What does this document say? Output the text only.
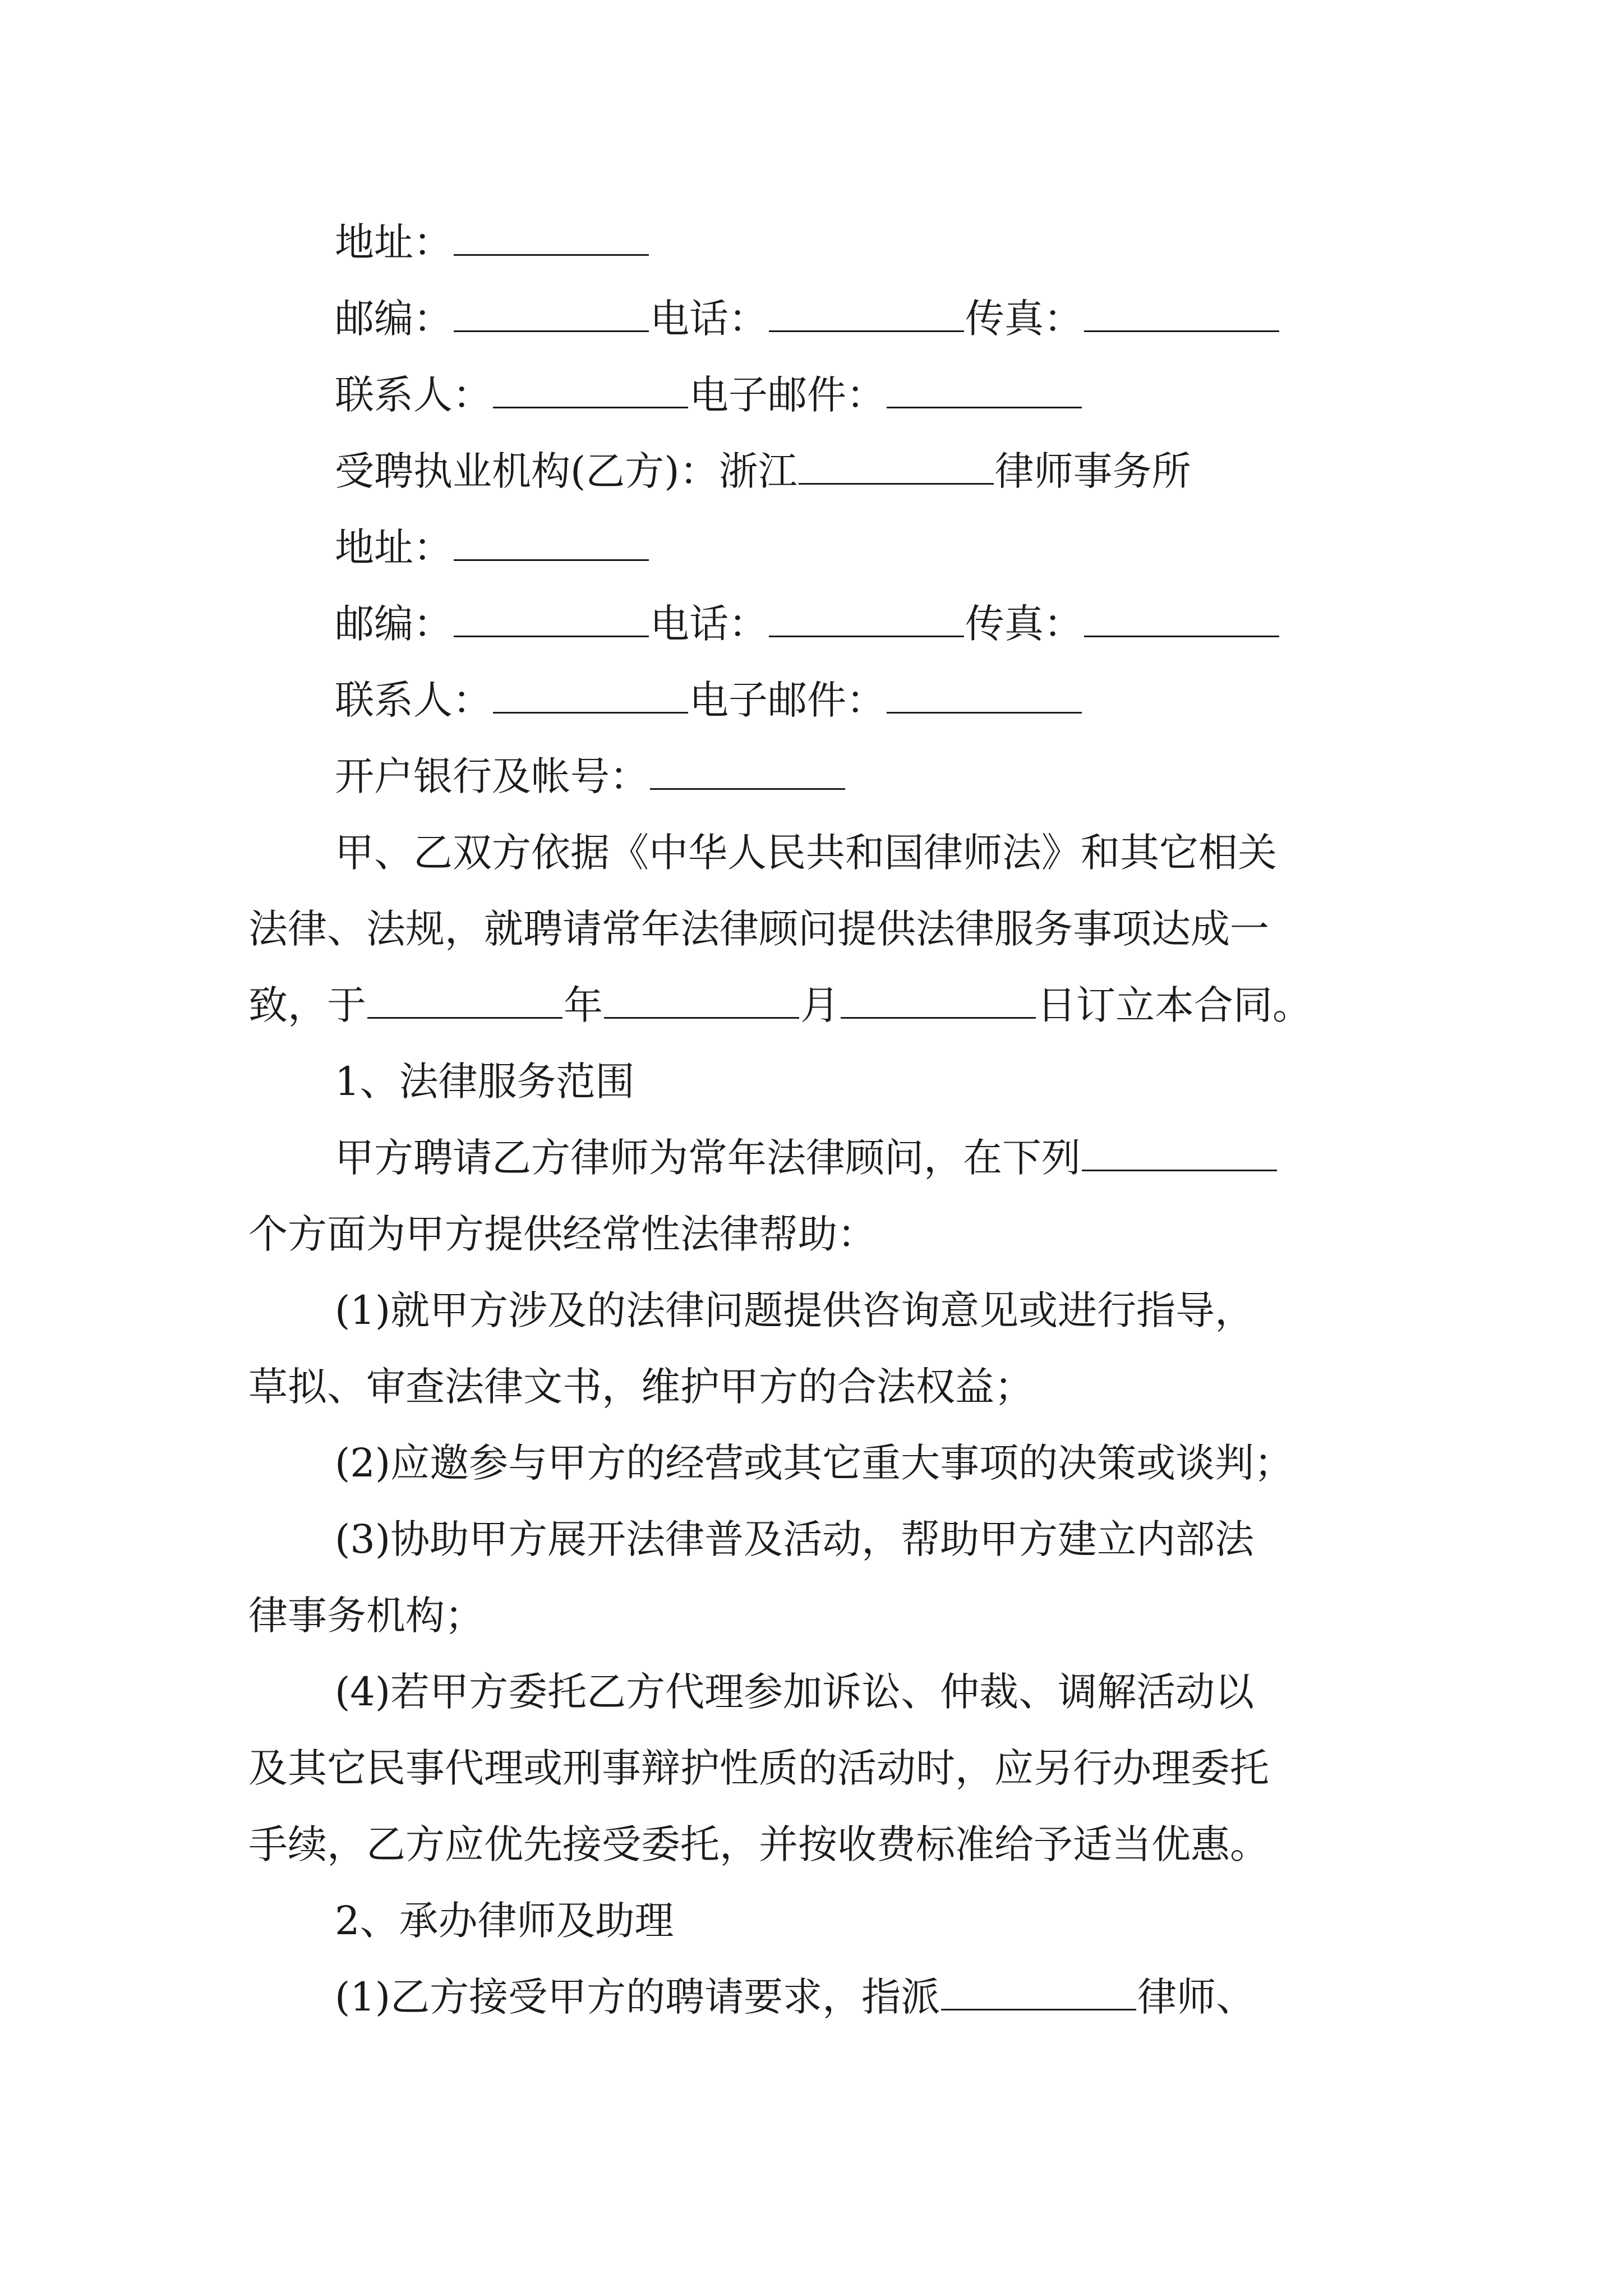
地址：
邮编：	电话：	传真：
联系人：	电子邮件：
受聘执业机构(乙方)：浙江	律师事务所
地址：
邮编：	电话：	传真：
联系人：	电子邮件：
开户银行及帐号：
甲、乙双方依据《中华人民共和国律师法》和其它相关
法律、法规，就聘请常年法律顾问提供法律服务事项达成一
致，于	年	月	日订立本合同。
1、法律服务范围
甲方聘请乙方律师为常年法律顾问，在下列
个方面为甲方提供经常性法律帮助：
(1)就甲方涉及的法律问题提供咨询意见或进行指导，
草拟、审查法律文书，维护甲方的合法权益；
(2)应邀参与甲方的经营或其它重大事项的决策或谈判；
(3)协助甲方展开法律普及活动，帮助甲方建立内部法
律事务机构；
(4)若甲方委托乙方代理参加诉讼、仲裁、调解活动以
及其它民事代理或刑事辩护性质的活动时，应另行办理委托
手续，乙方应优先接受委托，并按收费标准给予适当优惠。
2、承办律师及助理
(1)乙方接受甲方的聘请要求，指派	律师、
